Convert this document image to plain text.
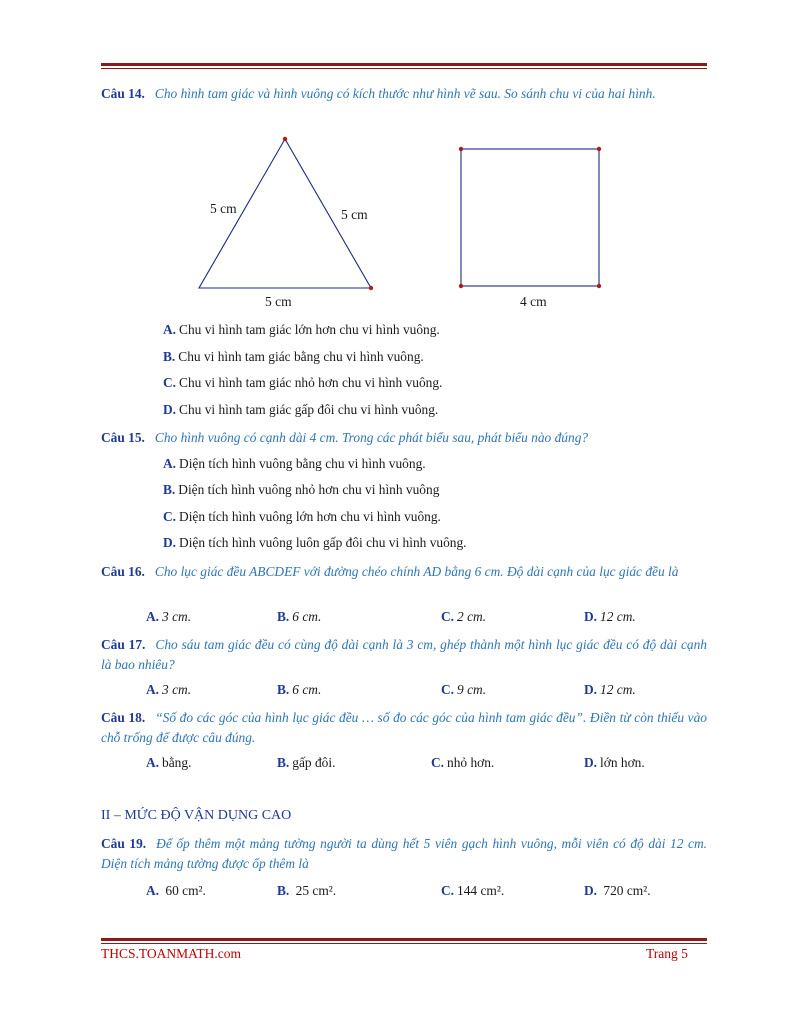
Câu 14. Cho hình tam giác và hình vuông có kích thước như hình vẽ sau. So sánh chu vi của hai hình.
5 cm	5 cm
5 cm	4 cm
A. Chu vi hình tam giác lớn hơn chu vi hình vuông.
B. Chu vi hình tam giác bằng chu vi hình vuông.
C. Chu vi hình tam giác nhỏ hơn chu vi hình vuông.
D. Chu vi hình tam giác gấp đôi chu vi hình vuông.
Câu 15. Cho hình vuông có cạnh dài 4 cm. Trong các phát biểu sau, phát biểu nào đúng?
A. Diện tích hình vuông bằng chu vi hình vuông.
B. Diện tích hình vuông nhỏ hơn chu vi hình vuông
C. Diện tích hình vuông lớn hơn chu vi hình vuông.
D. Diện tích hình vuông luôn gấp đôi chu vi hình vuông.
Câu 16. Cho lục giác đều ABCDEF với đường chéo chính AD bằng 6 cm. Độ dài cạnh của lục giác đều là
A. 3 cm.	B. 6 cm.	C. 2 cm.	D. 12 cm.
Câu 17. Cho sáu tam giác đều có cùng độ dài cạnh là 3 cm, ghép thành một hình lục giác đều có độ dài cạnh là bao nhiêu?
A. 3 cm.	B. 6 cm.	C. 9 cm.	D. 12 cm.
Câu 18. “Số đo các góc của hình lục giác đều … số đo các góc của hình tam giác đều”. Điền từ còn thiếu vào chỗ trống để được câu đúng.
A. bằng.	B. gấp đôi.	C. nhỏ hơn.	D. lớn hơn.
II – MỨC ĐỘ VẬN DỤNG CAO
Câu 19. Để ốp thêm một mảng tường người ta dùng hết 5 viên gạch hình vuông, mỗi viên có độ dài 12 cm. Diện tích mảng tường được ốp thêm là
A. 60 cm².	B. 25 cm².	C. 144 cm².	D. 720 cm².
THCS.TOANMATH.com	Trang 5
